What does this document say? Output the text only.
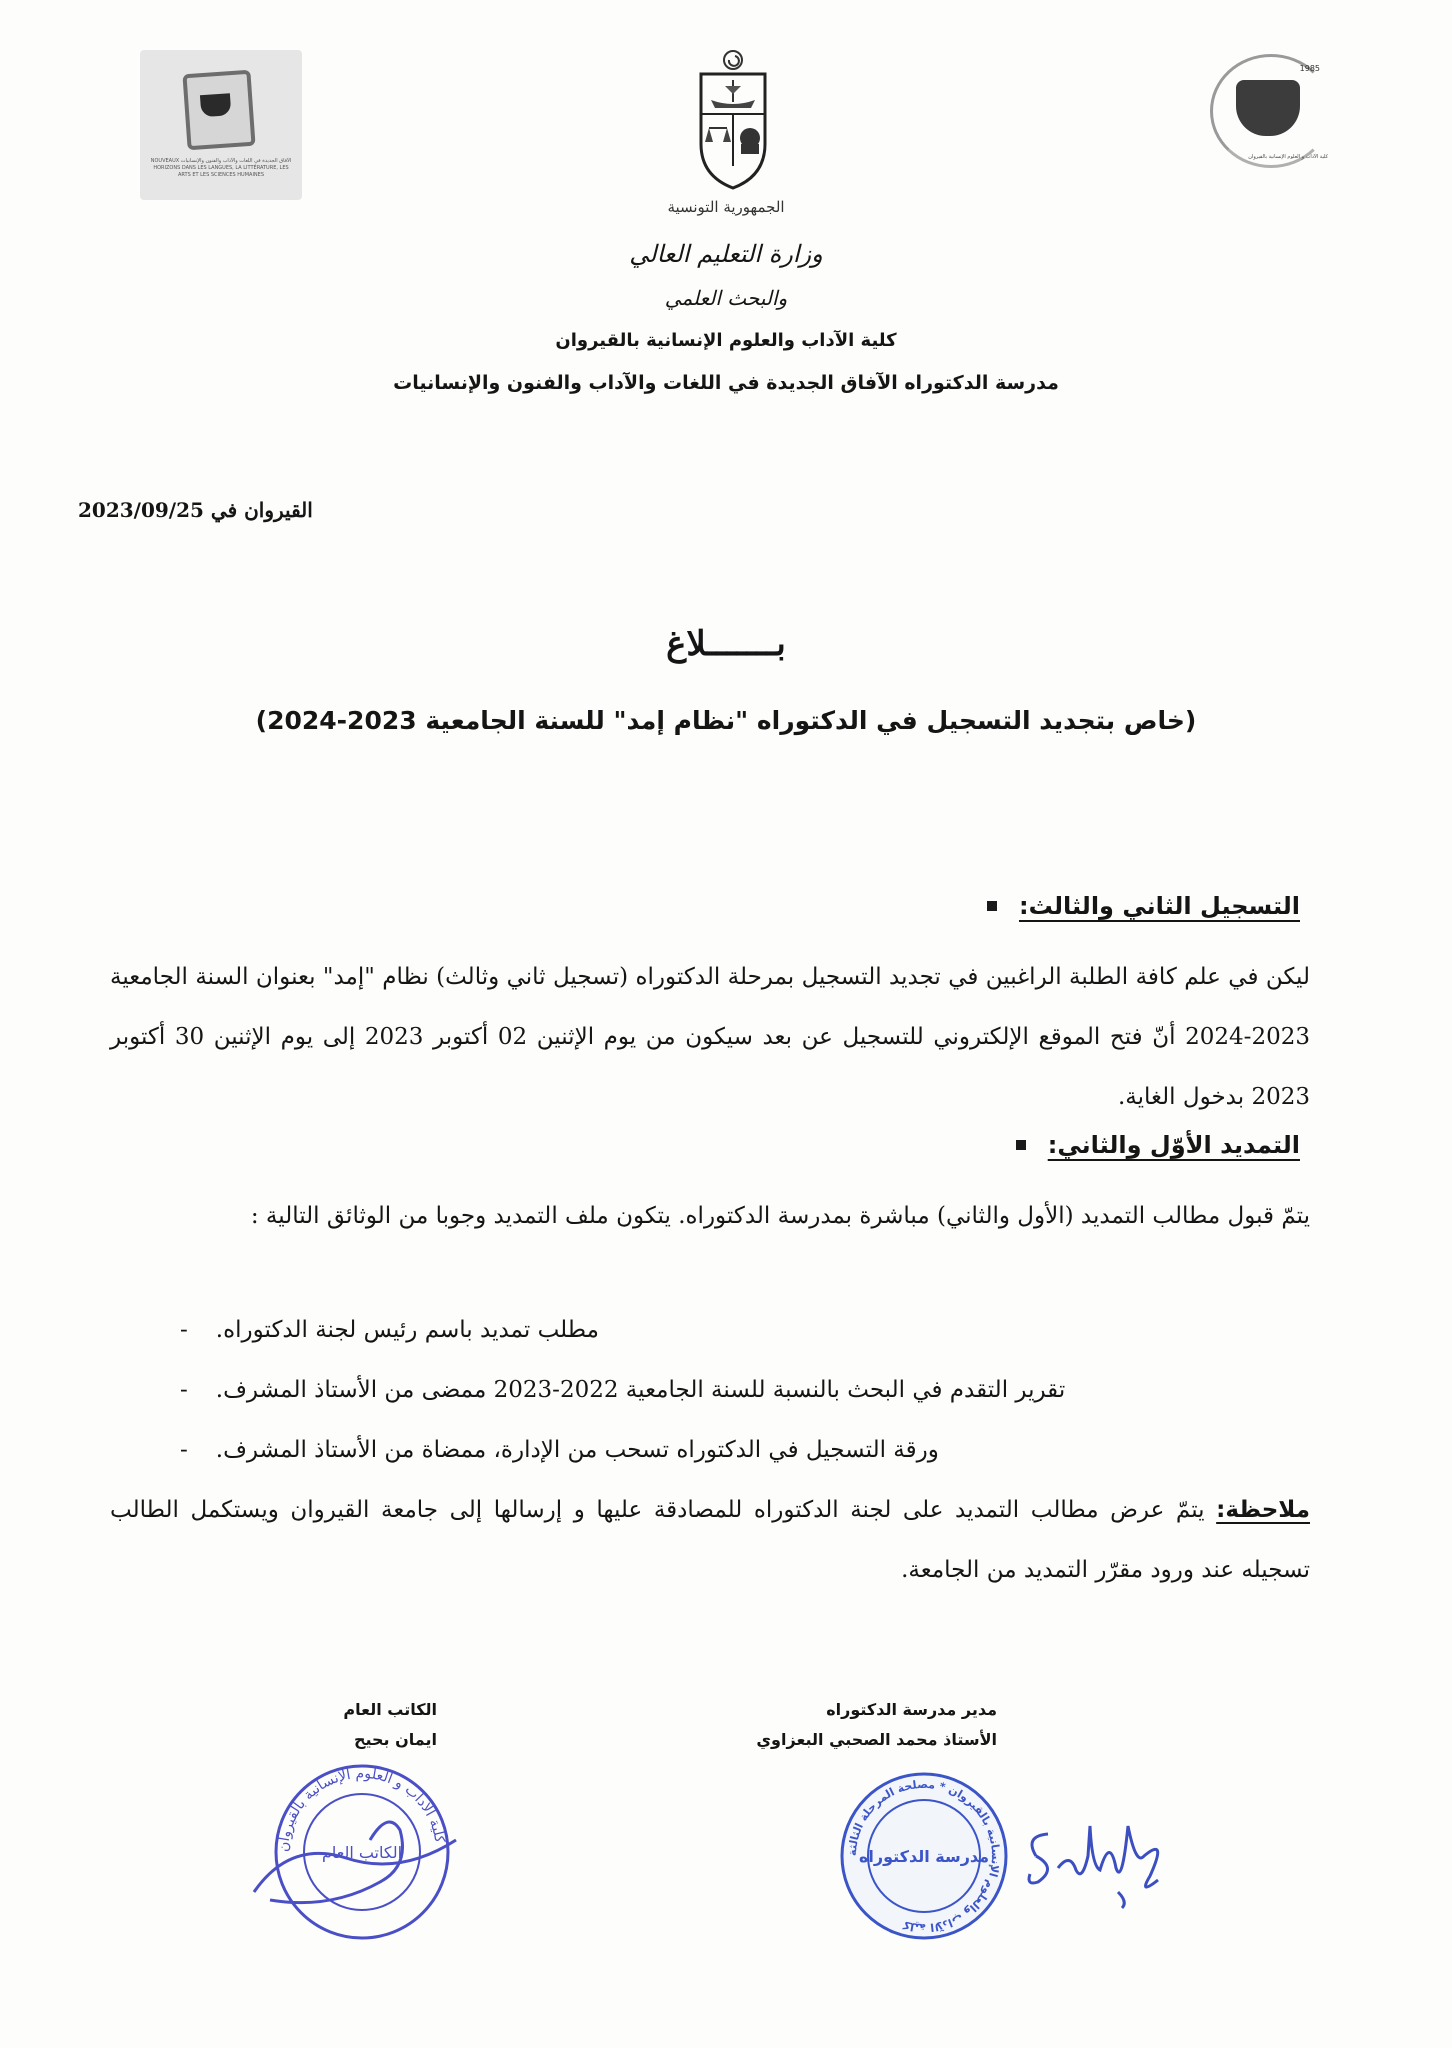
الآفاق الجديدة في اللغات والآداب والفنون والإنسانيات NOUVEAUX HORIZONS DANS LES LANGUES, LA LITTÉRATURE, LES ARTS ET LES SCIENCES HUMAINES
1985
كلية الآداب و العلوم الإنسانية بالقيروان
الجمهورية التونسية
وزارة التعليم العالي
والبحث العلمي
كلية الآداب والعلوم الإنسانية بالقيروان
مدرسة الدكتوراه الآفاق الجديدة في اللغات والآداب والفنون والإنسانيات
القيروان في 2023/09/25
بـــــــلاغ
(خاص بتجديد التسجيل في الدكتوراه "نظام إمد" للسنة الجامعية 2023-2024)
التسجيل الثاني والثالث:
ليكن في علم كافة الطلبة الراغبين في تجديد التسجيل بمرحلة الدكتوراه (تسجيل ثاني وثالث) نظام "إمد" بعنوان السنة الجامعية 2023-2024 أنّ فتح الموقع الإلكتروني للتسجيل عن بعد سيكون من يوم الإثنين 02 أكتوبر 2023 إلى يوم الإثنين 30 أكتوبر 2023 بدخول الغاية.
التمديد الأوّل والثاني:
يتمّ قبول مطالب التمديد (الأول والثاني) مباشرة بمدرسة الدكتوراه. يتكون ملف التمديد وجوبا من الوثائق التالية :
- مطلب تمديد باسم رئيس لجنة الدكتوراه.
- تقرير التقدم في البحث بالنسبة للسنة الجامعية 2022-2023 ممضى من الأستاذ المشرف.
- ورقة التسجيل في الدكتوراه تسحب من الإدارة، ممضاة من الأستاذ المشرف.
ملاحظة: يتمّ عرض مطالب التمديد على لجنة الدكتوراه للمصادقة عليها و إرسالها إلى جامعة القيروان ويستكمل الطالب تسجيله عند ورود مقرّر التمديد من الجامعة.
مدير مدرسة الدكتوراه
الأستاذ محمد الصحبي البعزاوي
الكاتب العام
ايمان بحيح
كلية الآداب والعلوم الإنسانية بالقيروان * مصلحة المرحلة الثالثة
مدرسة الدكتوراه
كلية الآداب و العلوم الإنسانية بالقيروان
الكاتب العام
